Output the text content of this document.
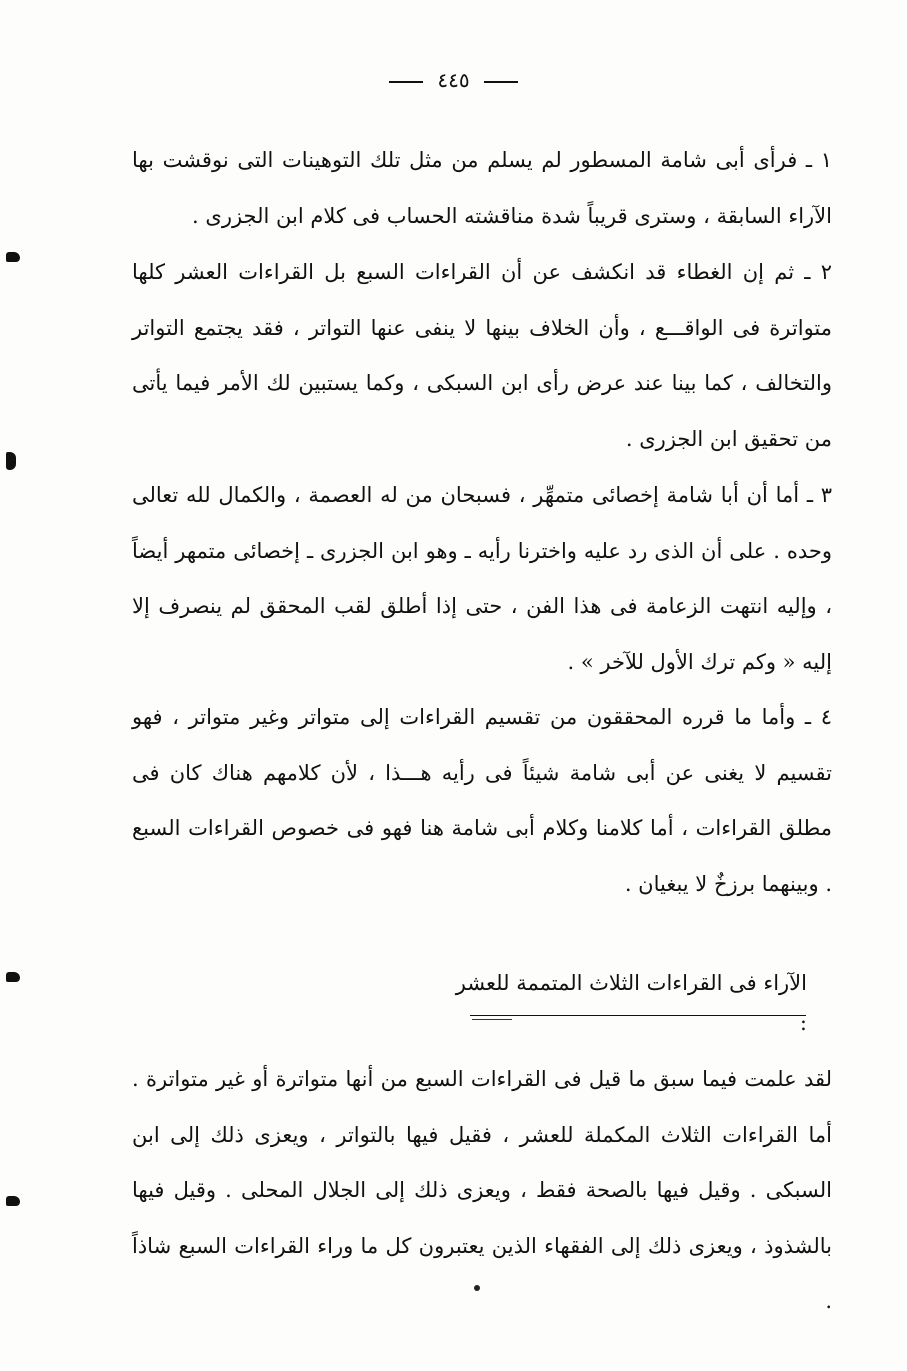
٤٤٥
١ ـ فرأى أبى شامة المسطور لم يسلم من مثل تلك التوهينات التى نوقشت بها الآراء السابقة ، وسترى قريباً شدة مناقشته الحساب فى كلام ابن الجزرى .
٢ ـ ثم إن الغطاء قد انكشف عن أن القراءات السبع بل القراءات العشر كلها متواترة فى الواقـــع ، وأن الخلاف بينها لا ينفى عنها التواتر ، فقد يجتمع التواتر والتخالف ، كما بينا عند عرض رأى ابن السبكى ، وكما يستبين لك الأمر فيما يأتى من تحقيق ابن الجزرى .
٣ ـ أما أن أبا شامة إخصائى متمهِّر ، فسبحان من له العصمة ، والكمال لله تعالى وحده . على أن الذى رد عليه واخترنا رأيه ـ وهو ابن الجزرى ـ إخصائى متمهر أيضاً ، وإليه انتهت الزعامة فى هذا الفن ، حتى إذا أطلق لقب المحقق لم ينصرف إلا إليه « وكم ترك الأول للآخر » .
٤ ـ وأما ما قرره المحققون من تقسيم القراءات إلى متواتر وغير متواتر ، فهو تقسيم لا يغنى عن أبى شامة شيئاً فى رأيه هـــذا ، لأن كلامهم هناك كان فى مطلق القراءات ، أما كلامنا وكلام أبى شامة هنا فهو فى خصوص القراءات السبع . وبينهما برزخٌ لا يبغيان .
الآراء فى القراءات الثلاث المتممة للعشر :
لقد علمت فيما سبق ما قيل فى القراءات السبع من أنها متواترة أو غير متواترة . أما القراءات الثلاث المكملة للعشر ، فقيل فيها بالتواتر ، ويعزى ذلك إلى ابن السبكى . وقيل فيها بالصحة فقط ، ويعزى ذلك إلى الجلال المحلى . وقيل فيها بالشذوذ ، ويعزى ذلك إلى الفقهاء الذين يعتبرون كل ما وراء القراءات السبع شاذاً .
